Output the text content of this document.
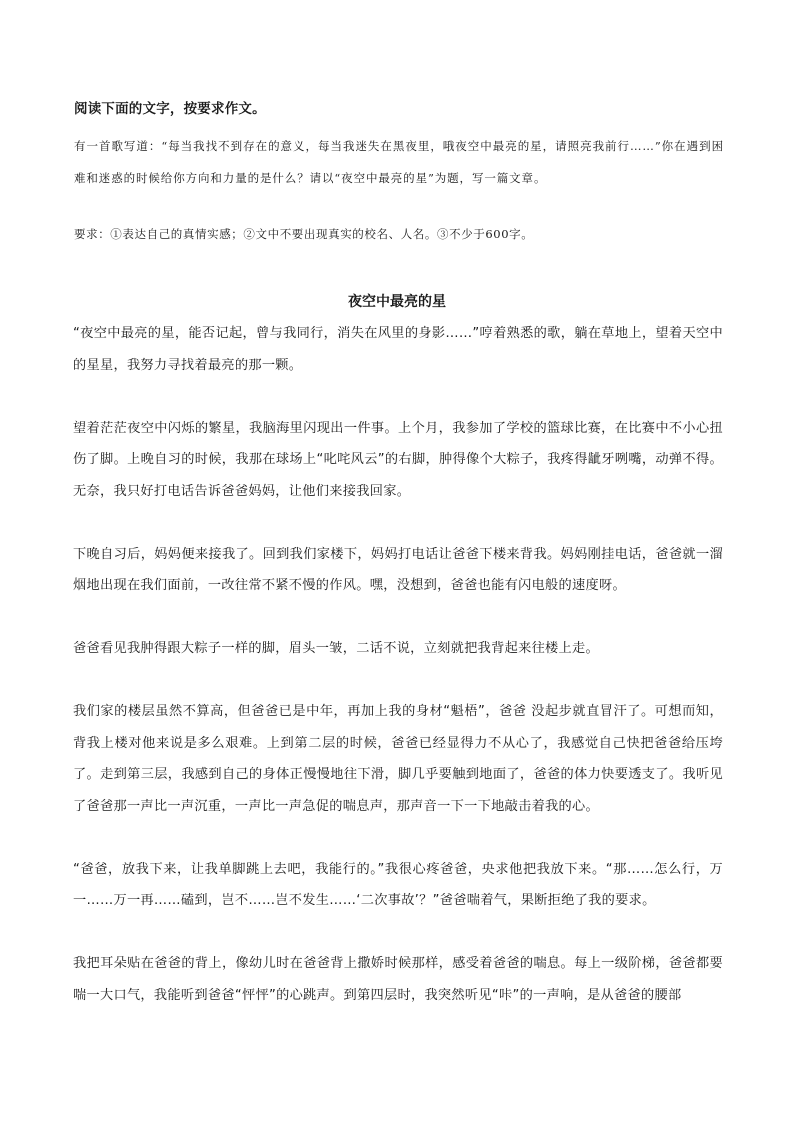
阅读下面的文字，按要求作文。
有一首歌写道：“每当我找不到存在的意义，每当我迷失在黑夜里，哦夜空中最亮的星，请照亮我前行……”你在遇到困难和迷惑的时候给你方向和力量的是什么？请以“夜空中最亮的星”为题，写一篇文章。
要求：①表达自己的真情实感；②文中不要出现真实的校名、人名。③不少于600字。
夜空中最亮的星

“夜空中最亮的星，能否记起，曾与我同行，消失在风里的身影……”哼着熟悉的歌，躺在草地上，望着天空中的星星，我努力寻找着最亮的那一颗。

望着茫茫夜空中闪烁的繁星，我脑海里闪现出一件事。上个月，我参加了学校的篮球比赛，在比赛中不小心扭伤了脚。上晚自习的时候，我那在球场上“叱咤风云”的右脚，肿得像个大粽子，我疼得龇牙咧嘴，动弹不得。无奈，我只好打电话告诉爸爸妈妈，让他们来接我回家。

下晚自习后，妈妈便来接我了。回到我们家楼下，妈妈打电话让爸爸下楼来背我。妈妈刚挂电话，爸爸就一溜烟地出现在我们面前，一改往常不紧不慢的作风。嘿，没想到，爸爸也能有闪电般的速度呀。

爸爸看见我肿得跟大粽子一样的脚，眉头一皱，二话不说，立刻就把我背起来往楼上走。

我们家的楼层虽然不算高，但爸爸已是中年，再加上我的身材“魁梧”，爸爸 没起步就直冒汗了。可想而知，背我上楼对他来说是多么艰难。上到第二层的时候，爸爸已经显得力不从心了，我感觉自己快把爸爸给压垮了。走到第三层，我感到自己的身体正慢慢地往下滑，脚几乎要触到地面了，爸爸的体力快要透支了。我听见了爸爸那一声比一声沉重，一声比一声急促的喘息声，那声音一下一下地敲击着我的心。

“爸爸，放我下来，让我单脚跳上去吧，我能行的。”我很心疼爸爸，央求他把我放下来。“那……怎么行，万一……万一再……磕到，岂不……岂不发生……‘二次事故’？”爸爸喘着气，果断拒绝了我的要求。

我把耳朵贴在爸爸的背上，像幼儿时在爸爸背上撒娇时候那样，感受着爸爸的喘息。每上一级阶梯，爸爸都要喘一大口气，我能听到爸爸“怦怦”的心跳声。到第四层时，我突然听见“咔”的一声响，是从爸爸的腰部
